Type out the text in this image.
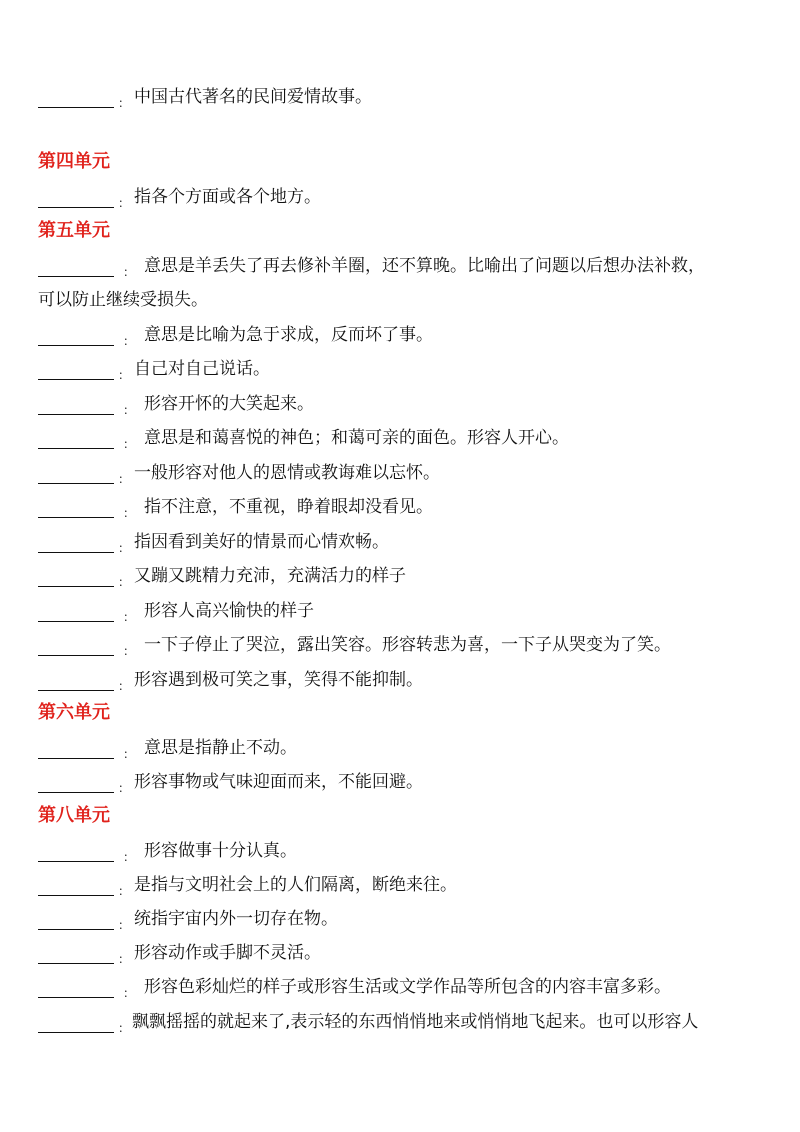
： 中国古代著名的民间爱情故事。
第四单元
： 指各个方面或各个地方。
第五单元
： 意思是羊丢失了再去修补羊圈，还不算晚。比喻出了问题以后想办法补救，
可以防止继续受损失。
： 意思是比喻为急于求成，反而坏了事。
： 自己对自己说话。
： 形容开怀的大笑起来。
： 意思是和蔼喜悦的神色；和蔼可亲的面色。形容人开心。
： 一般形容对他人的恩情或教诲难以忘怀。
： 指不注意，不重视，睁着眼却没看见。
： 指因看到美好的情景而心情欢畅。
： 又蹦又跳精力充沛，充满活力的样子
： 形容人高兴愉快的样子
： 一下子停止了哭泣，露出笑容。形容转悲为喜，一下子从哭变为了笑。
： 形容遇到极可笑之事，笑得不能抑制。
第六单元
： 意思是指静止不动。
： 形容事物或气味迎面而来，不能回避。
第八单元
： 形容做事十分认真。
： 是指与文明社会上的人们隔离，断绝来往。
： 统指宇宙内外一切存在物。
： 形容动作或手脚不灵活。
： 形容色彩灿烂的样子或形容生活或文学作品等所包含的内容丰富多彩。
： 飘飘摇摇的就起来了,表示轻的东西悄悄地来或悄悄地飞起来。也可以形容人
